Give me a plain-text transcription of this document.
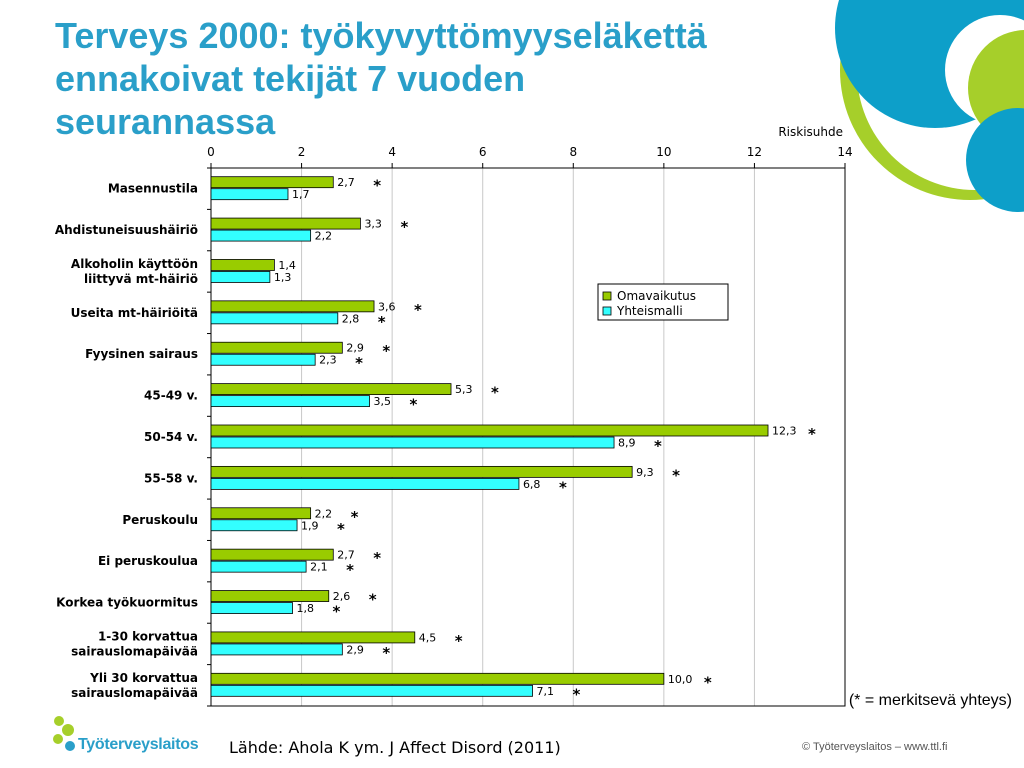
Terveys 2000: työkyvyttömyyseläkettä
ennakoivat tekijät 7 vuoden
seurannassa
0	2	4	6	8	10	12	14
Riskisuhde
Masennustila	2,7 *
1,7
Ahdistuneisuushäiriö	3,3 *
2,2
Alkoholin käyttöön
liittyvä mt-häiriö
1,4
1,3
Useita mt-häiriöitä	3,6 *
2,8 *
Fyysinen sairaus	2,9 *
2,3 *
45-49 v.	5,3 *
3,5 *
50-54 v.	12,3 *
8,9 *
55-58 v.	9,3 *
6,8 *
Peruskoulu	2,2 *
1,9 *
Ei peruskoulua	2,7 *
2,1 *
Korkea työkuormitus	2,6 *
1,8 *
1-30 korvattua
sairauslomapäivää
4,5 *
2,9 *
Yli 30 korvattua
sairauslomapäivää
10,0 *
7,1 *
Omavaikutus
Yhteismalli
(* = merkitsevä yhteys)
Työterveyslaitos Lähde: Ahola K ym. J Affect Disord (2011)	© Työterveyslaitos – www.ttl.fi
